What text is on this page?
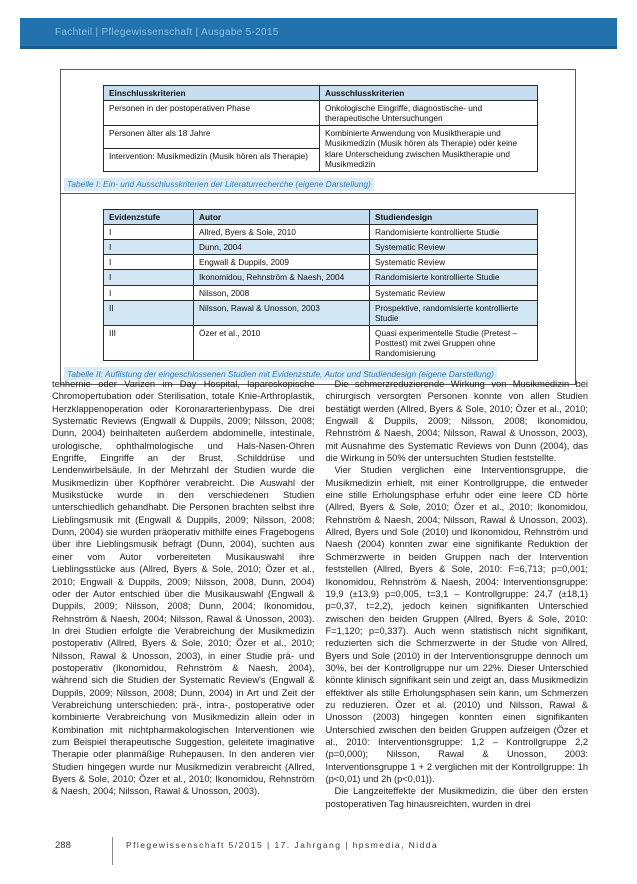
Fachteil | Pflegewissenschaft | Ausgabe 5-2015
Einschlusskriterien	Ausschlusskriterien
Personen in der postoperativen Phase	Onkologische Eingriffe, diagnostische- und therapeutische Untersuchungen
Personen älter als 18 Jahre	Kombinierte Anwendung von Musiktherapie und Musikmedizin (Musik hören als Therapie) oder keine klare Unterscheidung zwischen Musiktherapie und Musikmedizin
Intervention: Musikmedizin (Musik hören als Therapie)	
Tabelle I: Ein- und Ausschlusskriterien der Literaturrecherche (eigene Darstellung)
Evidenzstufe	Autor	Studiendesign
I	Allred, Byers & Sole, 2010	Randomisierte kontrollierte Studie
I	Dunn, 2004	Systematic Review
I	Engwall & Duppils, 2009	Systematic Review
I	Ikonomidou, Rehnström & Naesh, 2004	Randomisierte kontrollierte Studie
I	Nilsson, 2008	Systematic Review
II	Nilsson, Rawal & Unosson, 2003	Prospektive, randomisierte kontrollierte Studie
III	Özer et al., 2010	Quasi experimentelle Studie (Pretest – Posttest) mit zwei Gruppen ohne Randomisierung
Tabelle II: Auflistung der eingeschlossenen Studien mit Evidenzstufe, Autor und Studiendesign (eigene Darstellung)

tenhernie oder Varizen im Day Hospital, laparoskopische Chromopertubation oder Sterilisation, totale Knie-Arthroplastik, Herzklappenoperation oder Koronararterienbypass. Die drei Systematic Reviews (Engwall & Duppils, 2009; Nilsson, 2008; Dunn, 2004) beinhalteten außerdem abdominelle, intestinale, urologische, ophthalmologische und Hals-Nasen-Ohren Engriffe, Eingriffe an der Brust, Schilddrüse und Lendenwirbelsäule. In der Mehrzahl der Studien wurde die Musikmedizin über Kopfhörer verabreicht. Die Auswahl der Musikstücke wurde in den verschiedenen Studien unterschiedlich gehandhabt. Die Personen brachten selbst ihre Lieblingsmusik mit (Engwall & Duppils, 2009; Nilsson, 2008; Dunn, 2004) sie wurden präoperativ mithilfe eines Fragebogens über ihre Lieblingsmusik befragt (Dunn, 2004), suchten aus einer vom Autor vorbereiteten Musikauswahl ihre Lieblingsstücke aus (Allred, Byers & Sole, 2010; Özer et al., 2010; Engwall & Duppils, 2009; Nilsson, 2008, Dunn, 2004) oder der Autor entschied über die Musikauswahl (Engwall & Duppils, 2009; Nilsson, 2008; Dunn, 2004; Ikonomidou, Rehnström & Naesh, 2004; Nilsson, Rawal & Unosson, 2003). In drei Studien erfolgte die Verabreichung der Musikmedizin postoperativ (Allred, Byers & Sole, 2010; Özer et al., 2010; Nilsson, Rawal & Unosson, 2003), in einer Studie prä- und postoperativ (Ikonomidou, Rehnström & Naesh, 2004), während sich die Studien der Systematic Review's (Engwall & Duppils, 2009; Nilsson, 2008; Dunn, 2004) in Art und Zeit der Verabreichung unterschieden: prä-, intra-, postoperative oder kombinierte Verabreichung von Musikmedizin allein oder in Kombination mit nichtpharmakologischen Interventionen wie zum Beispiel therapeutische Suggestion, geleitete imaginative Therapie oder planmäßige Ruhepausen. In den anderen vier Studien hingegen wurde nur Musikmedizin verabreicht (Allred, Byers & Sole, 2010; Özer et al., 2010; Ikonomidou, Rehnström & Naesh, 2004; Nilsson, Rawal & Unosson, 2003).

Die schmerzreduzierende Wirkung von Musikmedizin bei chirurgisch versorgten Personen konnte von allen Studien bestätigt werden (Allred, Byers & Sole, 2010; Özer et al., 2010; Engwall & Duppils, 2009; Nilsson, 2008; Ikonomidou, Rehnström & Naesh, 2004; Nilsson, Rawal & Unosson, 2003), mit Ausnahme des Systematic Reviews von Dunn (2004), das die Wirkung in 50% der untersuchten Studien feststellte.

Vier Studien verglichen eine Interventionsgruppe, die Musikmedizin erhielt, mit einer Kontrollgruppe, die entweder eine stille Erholungsphase erfuhr oder eine leere CD hörte (Allred, Byers & Sole, 2010; Özer et al., 2010; Ikonomidou, Rehnström & Naesh, 2004; Nilsson, Rawal & Unosson, 2003). Allred, Byers und Sole (2010) und Ikonomidou, Rehnström und Naesh (2004) konnten zwar eine signifikante Reduktion der Schmerzwerte in beiden Gruppen nach der Intervention feststellen (Allred, Byers & Sole, 2010: F=6,713; p=0,001; Ikonomidou, Rehnström & Naesh, 2004: Interventionsgruppe: 19,9 (±13,9) p=0,005, t=3,1 – Kontrollgruppe: 24,7 (±18,1) p=0,37, t=2,2), jedoch keinen signifikanten Unterschied zwischen den beiden Gruppen (Allred, Byers & Sole, 2010: F=1,120; p=0,337). Auch wenn statistisch nicht signifikant, reduzierten sich die Schmerzwerte in der Studie von Allred, Byers und Sole (2010) in der Interventionsgruppe dennoch um 30%, bei der Kontrollgruppe nur um 22%. Dieser Unterschied könnte klinisch signifikant sein und zeigt an, dass Musikmedizin effektiver als stille Erholungsphasen sein kann, um Schmerzen zu reduzieren. Özer et al. (2010) und Nilsson, Rawal & Unosson (2003) hingegen konnten einen signifikanten Unterschied zwischen den beiden Gruppen aufzeigen (Özer et al., 2010: Interventionsgruppe: 1,2 – Kontrollgruppe 2,2 (p=0,000); Nilsson, Rawal & Unosson, 2003: Interventionsgruppe 1 + 2 verglichen mit der Kontrollgruppe: 1h (p<0,01) und 2h (p<0,01)).

Die Langzeiteffekte der Musikmedizin, die über den ersten postoperativen Tag hinausreichten, wurden in drei

288	Pflegewissenschaft 5/2015 | 17. Jahrgang | hpsmedia, Nidda
